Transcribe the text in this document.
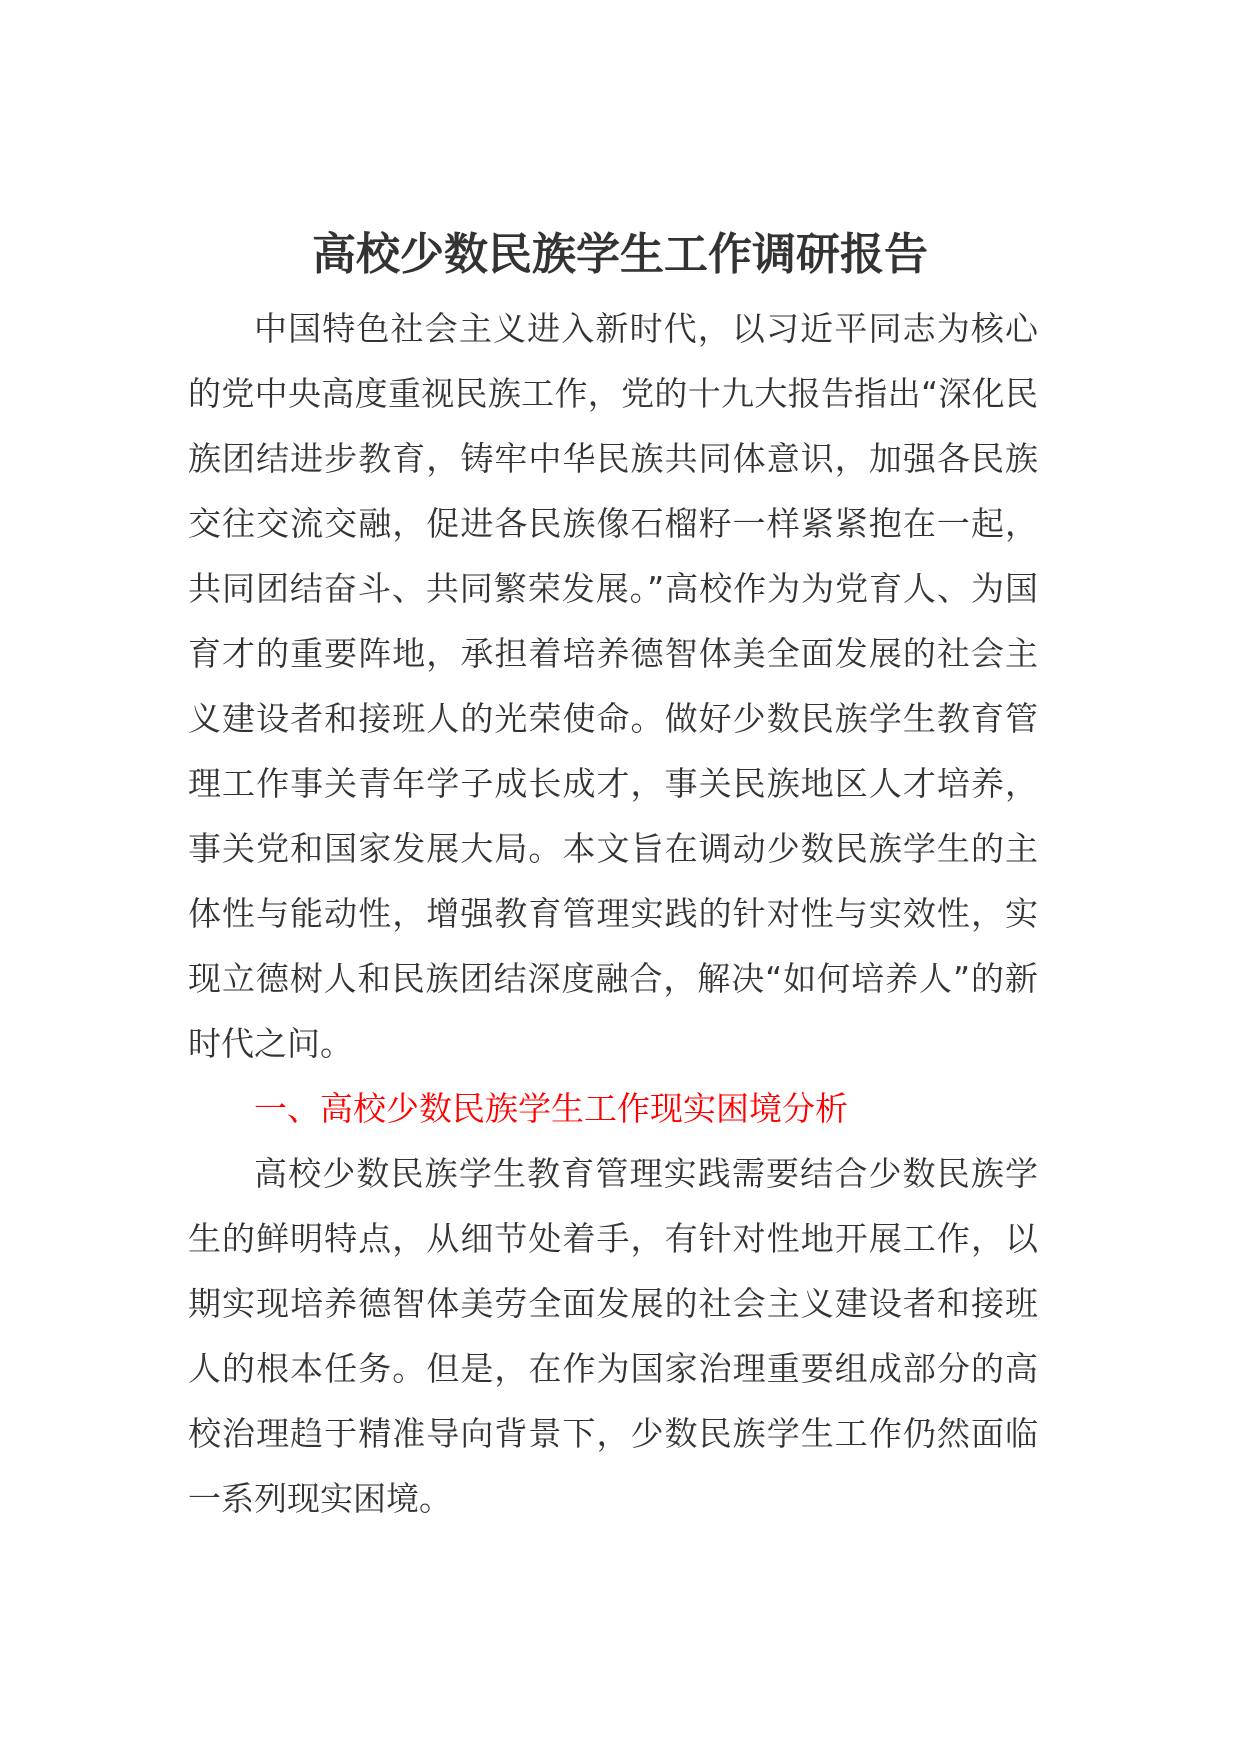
高校少数民族学生工作调研报告

中国特色社会主义进入新时代，以习近平同志为核心的党中央高度重视民族工作，党的十九大报告指出“深化民族团结进步教育，铸牢中华民族共同体意识，加强各民族交往交流交融，促进各民族像石榴籽一样紧紧抱在一起，共同团结奋斗、共同繁荣发展。”高校作为为党育人、为国育才的重要阵地，承担着培养德智体美全面发展的社会主义建设者和接班人的光荣使命。做好少数民族学生教育管理工作事关青年学子成长成才，事关民族地区人才培养，事关党和国家发展大局。本文旨在调动少数民族学生的主体性与能动性，增强教育管理实践的针对性与实效性，实现立德树人和民族团结深度融合，解决“如何培养人”的新时代之问。

一、高校少数民族学生工作现实困境分析

高校少数民族学生教育管理实践需要结合少数民族学生的鲜明特点，从细节处着手，有针对性地开展工作，以期实现培养德智体美劳全面发展的社会主义建设者和接班人的根本任务。但是，在作为国家治理重要组成部分的高校治理趋于精准导向背景下，少数民族学生工作仍然面临一系列现实困境。
